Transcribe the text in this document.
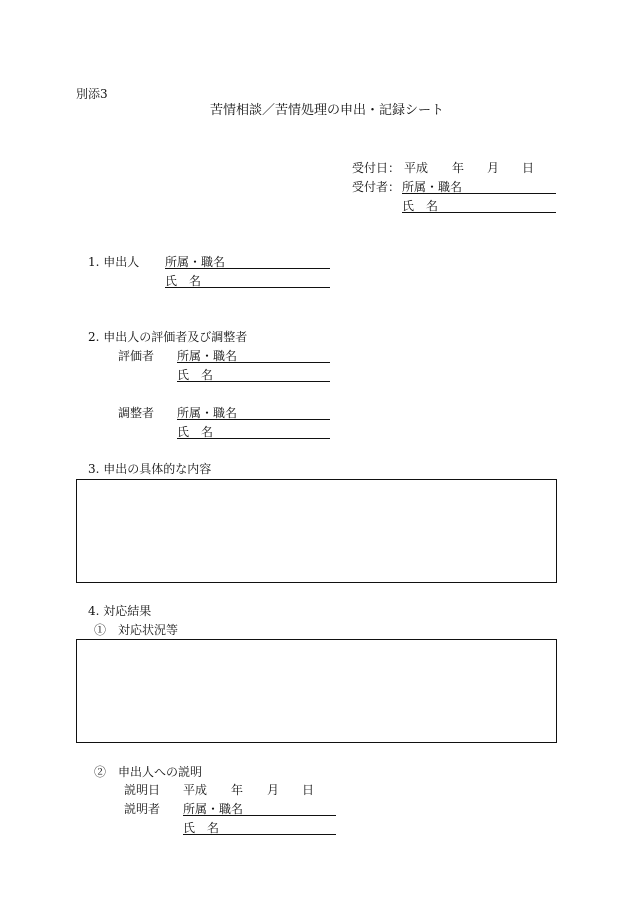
別添3
苦情相談／苦情処理の申出・記録シート
受付日： 平成 年 月 日
受付者： 所属・職名
氏　名
1. 申出人 所属・職名
氏　名
2. 申出人の評価者及び調整者
評価者 所属・職名
氏　名
調整者 所属・職名
氏　名
3. 申出の具体的な内容
4. 対応結果
①　対応状況等
②　申出人への説明
説明日 平成 年 月 日
説明者 所属・職名
氏　名
